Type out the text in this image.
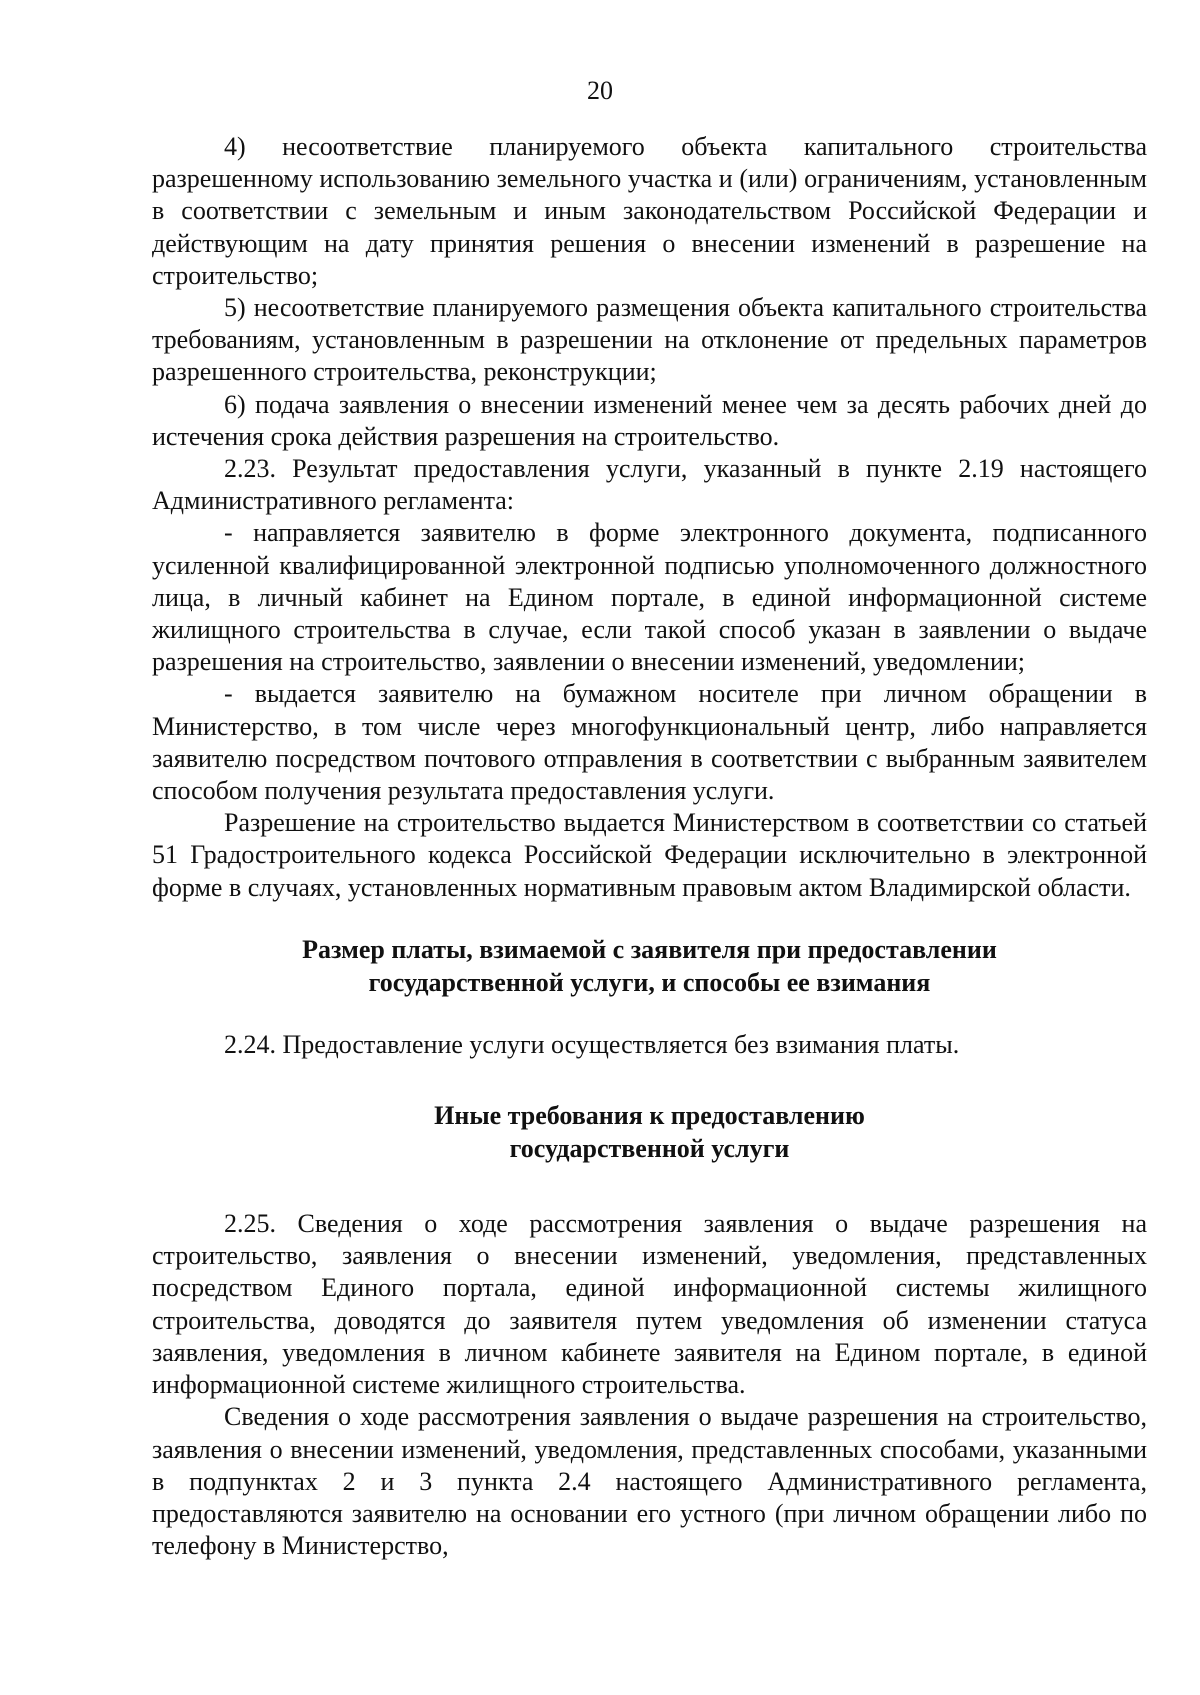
20

4) несоответствие планируемого объекта капитального строительства разрешенному использованию земельного участка и (или) ограничениям, установленным в соответствии с земельным и иным законодательством Российской Федерации и действующим на дату принятия решения о внесении изменений в разрешение на строительство;

5) несоответствие планируемого размещения объекта капитального строительства требованиям, установленным в разрешении на отклонение от предельных параметров разрешенного строительства, реконструкции;

6) подача заявления о внесении изменений менее чем за десять рабочих дней до истечения срока действия разрешения на строительство.

2.23. Результат предоставления услуги, указанный в пункте 2.19 настоящего Административного регламента:

- направляется заявителю в форме электронного документа, подписанного усиленной квалифицированной электронной подписью уполномоченного должностного лица, в личный кабинет на Едином портале, в единой информационной системе жилищного строительства в случае, если такой способ указан в заявлении о выдаче разрешения на строительство, заявлении о внесении изменений, уведомлении;

- выдается заявителю на бумажном носителе при личном обращении в Министерство, в том числе через многофункциональный центр, либо направляется заявителю посредством почтового отправления в соответствии с выбранным заявителем способом получения результата предоставления услуги.

Разрешение на строительство выдается Министерством в соответствии со статьей 51 Градостроительного кодекса Российской Федерации исключительно в электронной форме в случаях, установленных нормативным правовым актом Владимирской области.

Размер платы, взимаемой с заявителя при предоставлении
государственной услуги, и способы ее взимания

2.24. Предоставление услуги осуществляется без взимания платы.

Иные требования к предоставлению
государственной услуги

2.25. Сведения о ходе рассмотрения заявления о выдаче разрешения на строительство, заявления о внесении изменений, уведомления, представленных посредством Единого портала, единой информационной системы жилищного строительства, доводятся до заявителя путем уведомления об изменении статуса заявления, уведомления в личном кабинете заявителя на Едином портале, в единой информационной системе жилищного строительства.

Сведения о ходе рассмотрения заявления о выдаче разрешения на строительство, заявления о внесении изменений, уведомления, представленных способами, указанными в подпунктах 2 и 3 пункта 2.4 настоящего Административного регламента, предоставляются заявителю на основании его устного (при личном обращении либо по телефону в Министерство,
